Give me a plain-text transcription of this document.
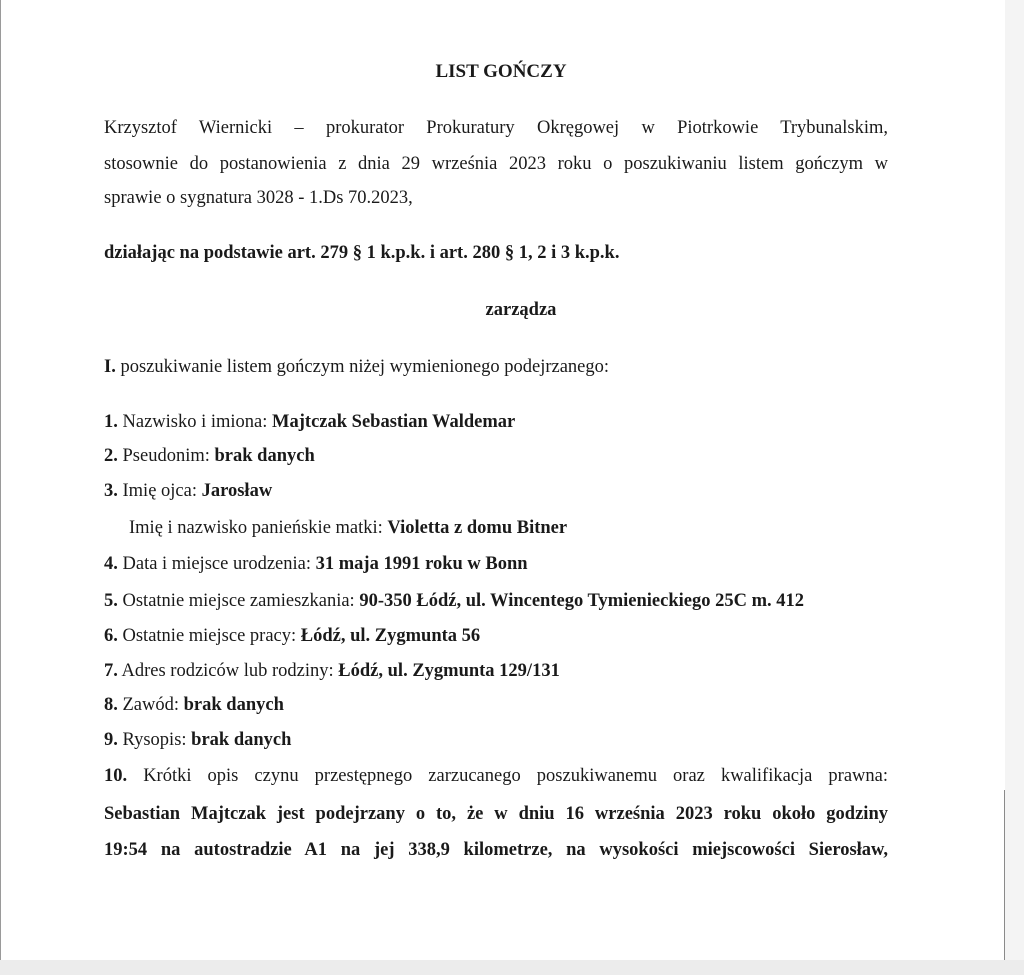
LIST GOŃCZY
Krzysztof Wiernicki – prokurator Prokuratury Okręgowej w Piotrkowie Trybunalskim,
stosownie do postanowienia z dnia 29 września 2023 roku o poszukiwaniu listem gończym w
sprawie o sygnatura 3028 - 1.Ds 70.2023,
działając na podstawie art. 279 § 1 k.p.k. i art. 280 § 1, 2 i 3 k.p.k.
zarządza
I. poszukiwanie listem gończym niżej wymienionego podejrzanego:
1. Nazwisko i imiona: Majtczak Sebastian Waldemar
2. Pseudonim: brak danych
3. Imię ojca: Jarosław
Imię i nazwisko panieńskie matki: Violetta z domu Bitner
4. Data i miejsce urodzenia: 31 maja 1991 roku w Bonn
5. Ostatnie miejsce zamieszkania: 90-350 Łódź, ul. Wincentego Tymienieckiego 25C m. 412
6. Ostatnie miejsce pracy: Łódź, ul. Zygmunta 56
7. Adres rodziców lub rodziny: Łódź, ul. Zygmunta 129/131
8. Zawód: brak danych
9. Rysopis: brak danych
10. Krótki opis czynu przestępnego zarzucanego poszukiwanemu oraz kwalifikacja prawna:
Sebastian Majtczak jest podejrzany o to, że w dniu 16 września 2023 roku około godziny
19:54 na autostradzie A1 na jej 338,9 kilometrze, na wysokości miejscowości Sierosław,
